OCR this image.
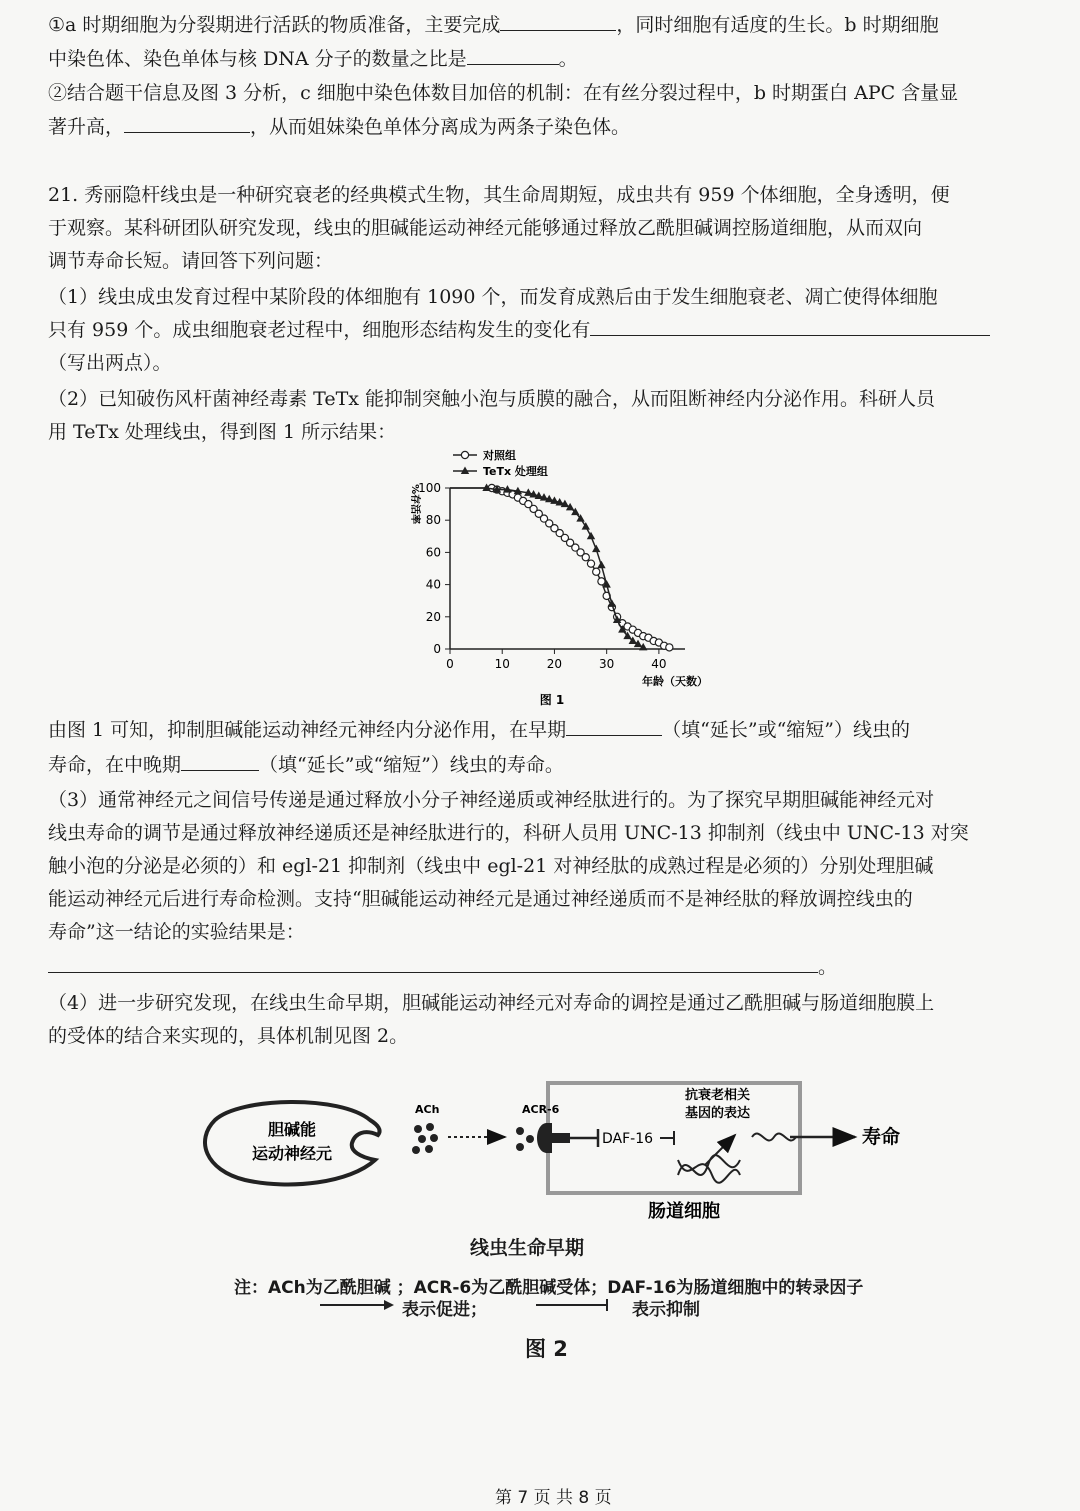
①a 时期细胞为分裂期进行活跃的物质准备，主要完成	，同时细胞有适度的生长。b 时期细胞
中染色体、染色单体与核 DNA 分子的数量之比是	。
②结合题干信息及图 3 分析，c 细胞中染色体数目加倍的机制：在有丝分裂过程中，b 时期蛋白 APC 含量显
著升高，	，从而姐妹染色单体分离成为两条子染色体。
21. 秀丽隐杆线虫是一种研究衰老的经典模式生物，其生命周期短，成虫共有 959 个体细胞，全身透明，便
于观察。某科研团队研究发现，线虫的胆碱能运动神经元能够通过释放乙酰胆碱调控肠道细胞，从而双向
调节寿命长短。请回答下列问题：
（1）线虫成虫发育过程中某阶段的体细胞有 1090 个，而发育成熟后由于发生细胞衰老、凋亡使得体细胞
只有 959 个。成虫细胞衰老过程中，细胞形态结构发生的变化有
（写出两点）。
（2）已知破伤风杆菌神经毒素 TeTx 能抑制突触小泡与质膜的融合，从而阻断神经内分泌作用。科研人员
用 TeTx 处理线虫，得到图 1 所示结果：
0	10	20	30	40
0
20
40
60
80
100
年龄（天数）
%存活率
对照组
TeTx 处理组
图 1
由图 1 可知，抑制胆碱能运动神经元神经内分泌作用，在早期	（填“延长”或“缩短”）线虫的
寿命，在中晚期	（填“延长”或“缩短”）线虫的寿命。
（3）通常神经元之间信号传递是通过释放小分子神经递质或神经肽进行的。为了探究早期胆碱能神经元对
线虫寿命的调节是通过释放神经递质还是神经肽进行的，科研人员用 UNC-13 抑制剂（线虫中 UNC-13 对突
触小泡的分泌是必须的）和 egl-21 抑制剂（线虫中 egl-21 对神经肽的成熟过程是必须的）分别处理胆碱
能运动神经元后进行寿命检测。支持“胆碱能运动神经元是通过神经递质而不是神经肽的释放调控线虫的
寿命”这一结论的实验结果是：
。
（4）进一步研究发现，在线虫生命早期，胆碱能运动神经元对寿命的调控是通过乙酰胆碱与肠道细胞膜上
的受体的结合来实现的，具体机制见图 2。
胆碱能
运动神经元
ACh	ACR-6
DAF-16
抗衰老相关
基因的表达
寿命
肠道细胞
线虫生命早期
注：ACh为乙酰胆碱 ；ACR-6为乙酰胆碱受体；DAF-16为肠道细胞中的转录因子
表示促进；	表示抑制
图 2
第 7 页 共 8 页
